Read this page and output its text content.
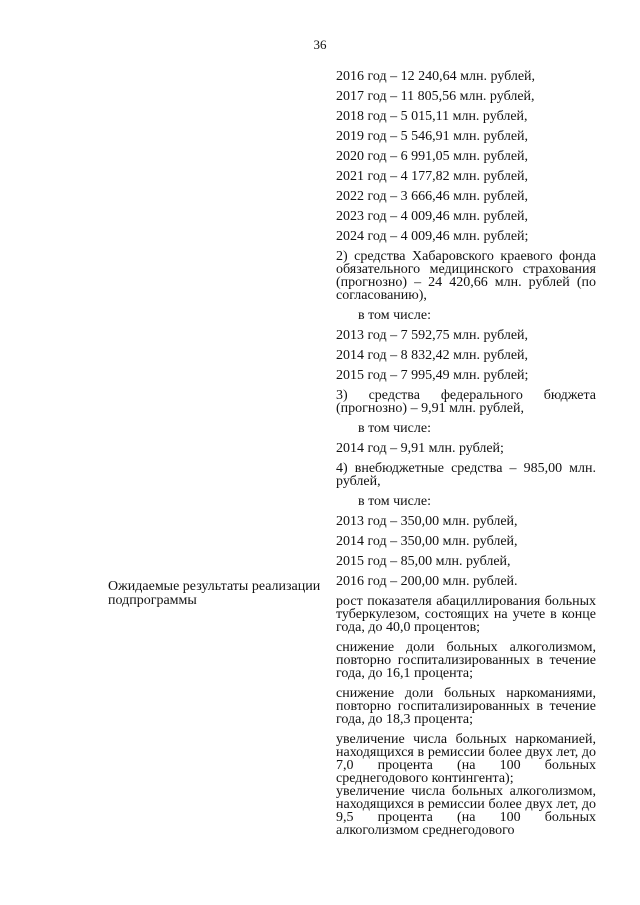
36
Ожидаемые результаты реализации подпрограммы
2016 год – 12 240,64 млн. рублей,
2017 год – 11 805,56 млн. рублей,
2018 год – 5 015,11 млн. рублей,
2019 год – 5 546,91 млн. рублей,
2020 год – 6 991,05 млн. рублей,
2021 год – 4 177,82 млн. рублей,
2022 год – 3 666,46 млн. рублей,
2023 год – 4 009,46 млн. рублей,
2024 год – 4 009,46 млн. рублей;
2) средства Хабаровского краевого фонда обязательного медицинского страхования (прогнозно) – 24 420,66 млн. рублей (по согласованию),
в том числе:
2013 год – 7 592,75 млн. рублей,
2014 год – 8 832,42 млн. рублей,
2015 год – 7 995,49 млн. рублей;
3) средства федерального бюджета (прогнозно) – 9,91 млн. рублей,
в том числе:
2014 год – 9,91 млн. рублей;
4) внебюджетные средства – 985,00 млн. рублей,
в том числе:
2013 год – 350,00 млн. рублей,
2014 год – 350,00 млн. рублей,
2015 год – 85,00 млн. рублей,
2016 год – 200,00 млн. рублей.
рост показателя абациллирования больных туберкулезом, состоящих на учете в конце года, до 40,0 процентов;
снижение доли больных алкоголизмом, повторно госпитализированных в течение года, до 16,1 процента;
снижение доли больных наркоманиями, повторно госпитализированных в течение года, до 18,3 процента;
увеличение числа больных наркоманией, находящихся в ремиссии более двух лет, до 7,0 процента (на 100 больных среднегодового контингента);
увеличение числа больных алкоголизмом, находящихся в ремиссии более двух лет, до 9,5 процента (на 100 больных алкоголизмом среднегодового
